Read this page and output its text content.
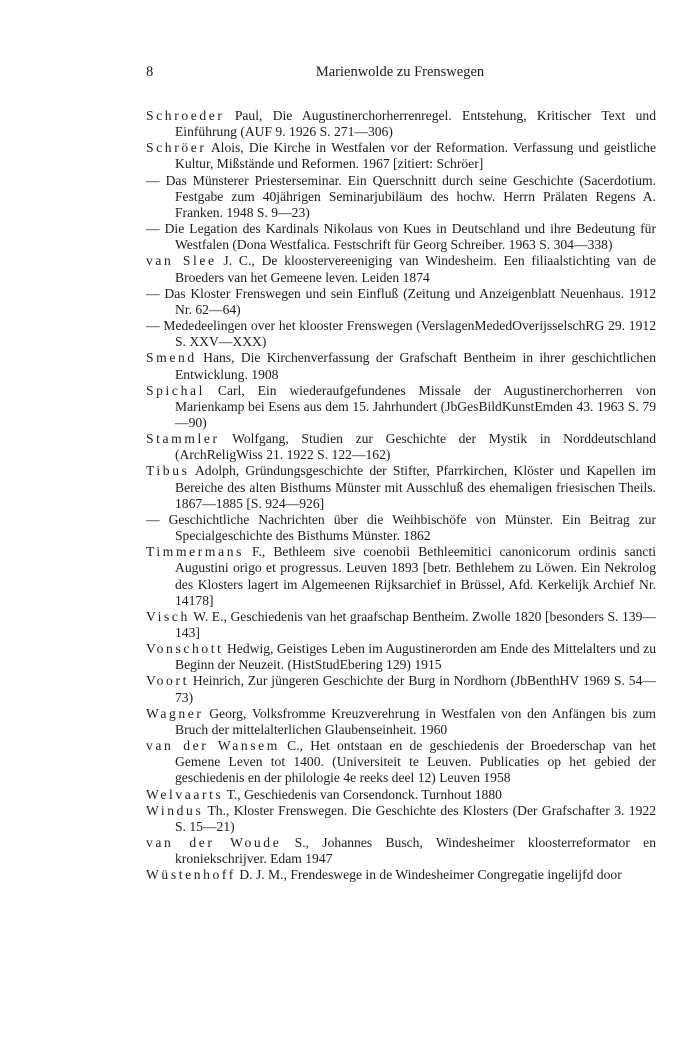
8	Marienwolde zu Frenswegen

Schroeder Paul, Die Augustinerchorherrenregel. Entstehung, Kritischer Text und Einführung (AUF 9. 1926 S. 271—306)

Schröer Alois, Die Kirche in Westfalen vor der Reformation. Verfassung und geistliche Kultur, Mißstände und Reformen. 1967 [zitiert: Schröer]

— Das Münsterer Priesterseminar. Ein Querschnitt durch seine Geschichte (Sacerdotium. Festgabe zum 40jährigen Seminarjubiläum des hochw. Herrn Prälaten Regens A. Franken. 1948 S. 9—23)

— Die Legation des Kardinals Nikolaus von Kues in Deutschland und ihre Bedeutung für Westfalen (Dona Westfalica. Festschrift für Georg Schreiber. 1963 S. 304—338)

van Slee J. C., De kloostervereeniging van Windesheim. Een filiaalstichting van de Broeders van het Gemeene leven. Leiden 1874

— Das Kloster Frenswegen und sein Einfluß (Zeitung und Anzeigenblatt Neuenhaus. 1912 Nr. 62—64)

— Mededeelingen over het klooster Frenswegen (VerslagenMededOverijsselschRG 29. 1912 S. XXV—XXX)

Smend Hans, Die Kirchenverfassung der Grafschaft Bentheim in ihrer geschichtlichen Entwicklung. 1908

Spichal Carl, Ein wiederaufgefundenes Missale der Augustinerchorherren von Marienkamp bei Esens aus dem 15. Jahrhundert (JbGesBildKunstEmden 43. 1963 S. 79—90)

Stammler Wolfgang, Studien zur Geschichte der Mystik in Norddeutschland (ArchReligWiss 21. 1922 S. 122—162)

Tibus Adolph, Gründungsgeschichte der Stifter, Pfarrkirchen, Klöster und Kapellen im Bereiche des alten Bisthums Münster mit Ausschluß des ehemaligen friesischen Theils. 1867—1885 [S. 924—926]

— Geschichtliche Nachrichten über die Weihbischöfe von Münster. Ein Beitrag zur Specialgeschichte des Bisthums Münster. 1862

Timmermans F., Bethleem sive coenobii Bethleemitici canonicorum ordinis sancti Augustini origo et progressus. Leuven 1893 [betr. Bethlehem zu Löwen. Ein Nekrolog des Klosters lagert im Algemeenen Rijksarchief in Brüssel, Afd. Kerkelijk Archief Nr. 14178]

Visch W. E., Geschiedenis van het graafschap Bentheim. Zwolle 1820 [besonders S. 139—143]

Vonschott Hedwig, Geistiges Leben im Augustinerorden am Ende des Mittelalters und zu Beginn der Neuzeit. (HistStudEbering 129) 1915

Voort Heinrich, Zur jüngeren Geschichte der Burg in Nordhorn (JbBenthHV 1969 S. 54—73)

Wagner Georg, Volksfromme Kreuzverehrung in Westfalen von den Anfängen bis zum Bruch der mittelalterlichen Glaubenseinheit. 1960

van der Wansem C., Het ontstaan en de geschiedenis der Broederschap van het Gemene Leven tot 1400. (Universiteit te Leuven. Publicaties op het gebied der geschiedenis en der philologie 4e reeks deel 12) Leuven 1958

Welvaarts T., Geschiedenis van Corsendonck. Turnhout 1880

Windus Th., Kloster Frenswegen. Die Geschichte des Klosters (Der Grafschafter 3. 1922 S. 15—21)

van der Woude S., Johannes Busch, Windesheimer kloosterreformator en kroniekschrijver. Edam 1947

Wüstenhoff D. J. M., Frendeswege in de Windesheimer Congregatie ingelijfd door
